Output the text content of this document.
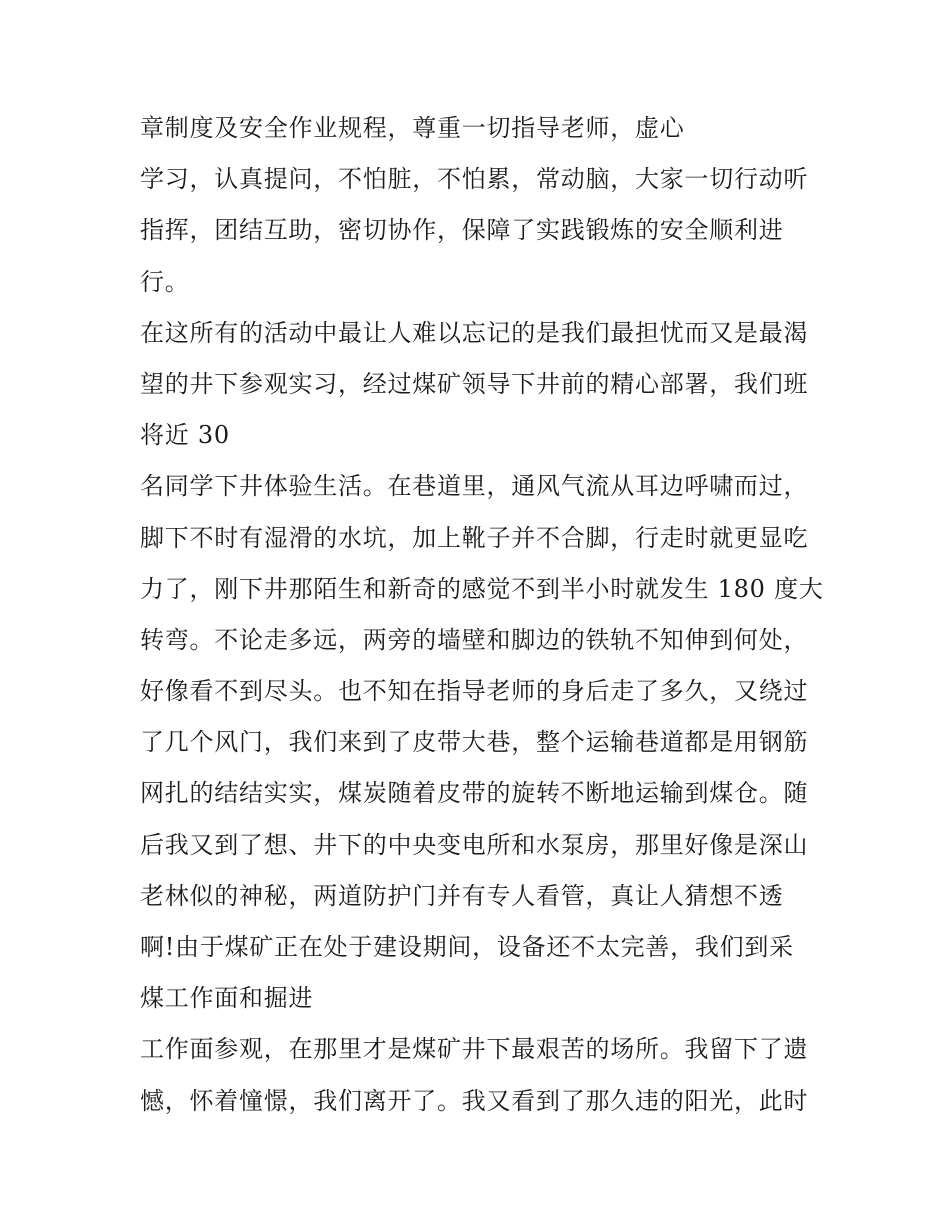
章制度及安全作业规程，尊重一切指导老师，虚心
学习，认真提问，不怕脏，不怕累，常动脑，大家一切行动听
指挥，团结互助，密切协作，保障了实践锻炼的安全顺利进
行。
在这所有的活动中最让人难以忘记的是我们最担忧而又是最渴
望的井下参观实习，经过煤矿领导下井前的精心部署，我们班
将近 30
名同学下井体验生活。在巷道里，通风气流从耳边呼啸而过，
脚下不时有湿滑的水坑，加上靴子并不合脚，行走时就更显吃
力了，刚下井那陌生和新奇的感觉不到半小时就发生 180 度大
转弯。不论走多远，两旁的墙壁和脚边的铁轨不知伸到何处，
好像看不到尽头。也不知在指导老师的身后走了多久，又绕过
了几个风门，我们来到了皮带大巷，整个运输巷道都是用钢筋
网扎的结结实实，煤炭随着皮带的旋转不断地运输到煤仓。随
后我又到了想、井下的中央变电所和水泵房，那里好像是深山
老林似的神秘，两道防护门并有专人看管，真让人猜想不透
啊!由于煤矿正在处于建设期间，设备还不太完善，我们到采
煤工作面和掘进
工作面参观，在那里才是煤矿井下最艰苦的场所。我留下了遗
憾，怀着憧憬，我们离开了。我又看到了那久违的阳光，此时
